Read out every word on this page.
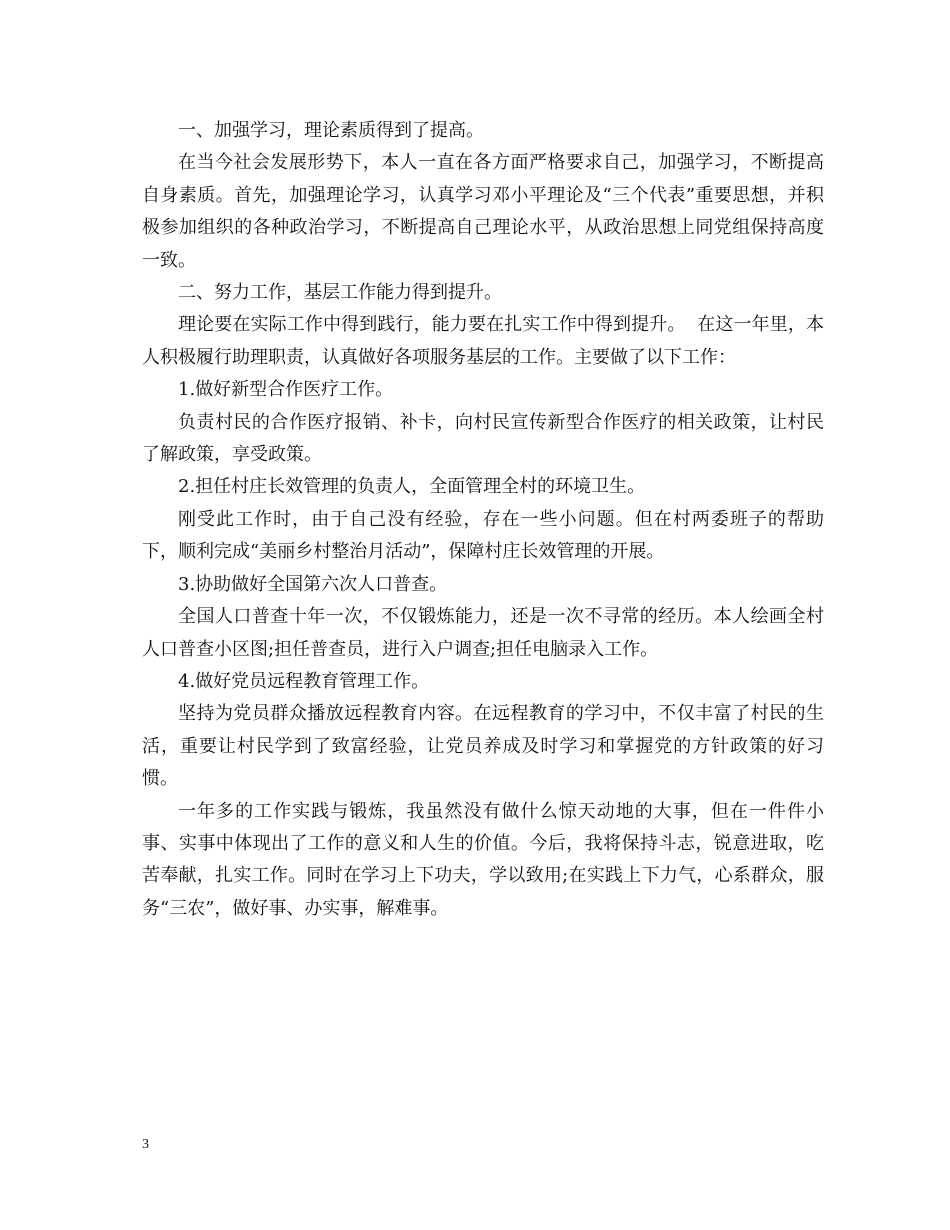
一、加强学习，理论素质得到了提高。

在当今社会发展形势下，本人一直在各方面严格要求自己，加强学习，不断提高自身素质。首先，加强理论学习，认真学习邓小平理论及“三个代表”重要思想，并积极参加组织的各种政治学习，不断提高自己理论水平，从政治思想上同党组保持高度一致。

二、努力工作，基层工作能力得到提升。

理论要在实际工作中得到践行，能力要在扎实工作中得到提升。  在这一年里，本人积极履行助理职责，认真做好各项服务基层的工作。主要做了以下工作：

1.做好新型合作医疗工作。

负责村民的合作医疗报销、补卡，向村民宣传新型合作医疗的相关政策，让村民了解政策，享受政策。

2.担任村庄长效管理的负责人，全面管理全村的环境卫生。

刚受此工作时，由于自己没有经验，存在一些小问题。但在村两委班子的帮助下，顺利完成“美丽乡村整治月活动”，保障村庄长效管理的开展。

3.协助做好全国第六次人口普查。

全国人口普查十年一次，不仅锻炼能力，还是一次不寻常的经历。本人绘画全村人口普查小区图;担任普查员，进行入户调查;担任电脑录入工作。

4.做好党员远程教育管理工作。

坚持为党员群众播放远程教育内容。在远程教育的学习中，不仅丰富了村民的生活，重要让村民学到了致富经验，让党员养成及时学习和掌握党的方针政策的好习惯。

一年多的工作实践与锻炼，我虽然没有做什么惊天动地的大事，但在一件件小事、实事中体现出了工作的意义和人生的价值。今后，我将保持斗志，锐意进取，吃苦奉献，扎实工作。同时在学习上下功夫，学以致用;在实践上下力气，心系群众，服务“三农”，做好事、办实事，解难事。

3
